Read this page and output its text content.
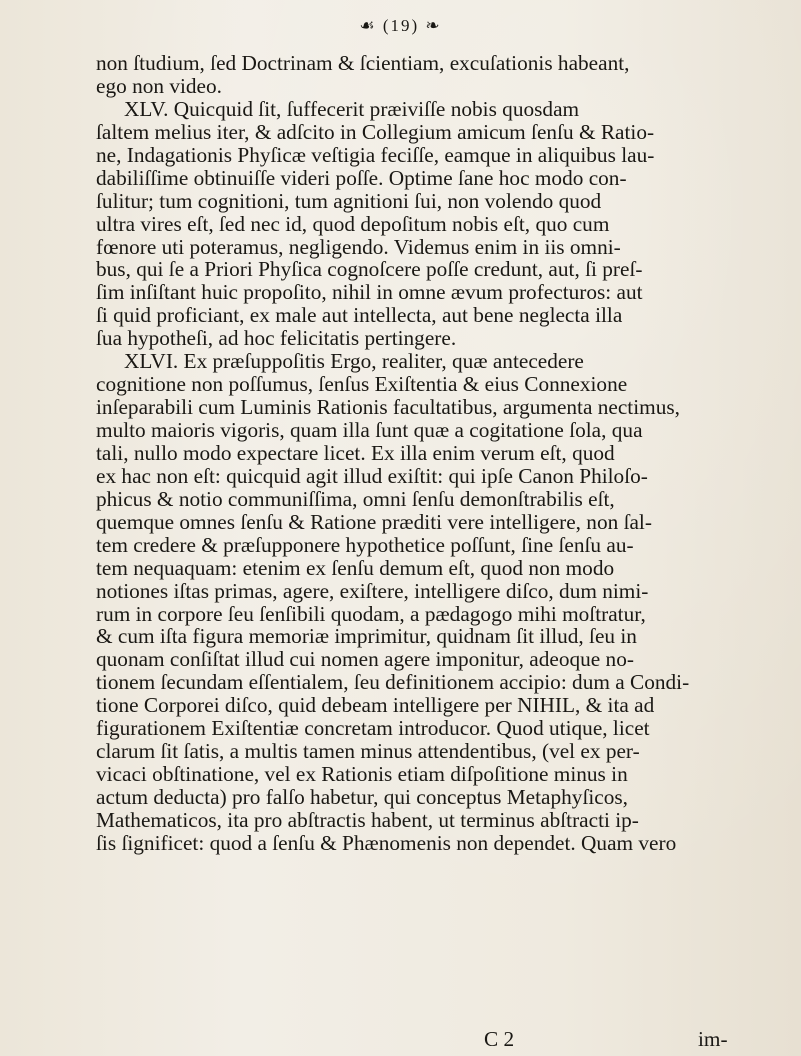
☙ (19) ❧
non ſtudium, ſed Doctrinam & ſcientiam, excuſationis habeant,
ego non video.
XLV. Quicquid ſit, ſuffecerit præiviſſe nobis quosdam
ſaltem melius iter, & adſcito in Collegium amicum ſenſu & Ratio-
ne, Indagationis Phyſicæ veſtigia feciſſe, eamque in aliquibus lau-
dabiliſſime obtinuiſſe videri poſſe. Optime ſane hoc modo con-
ſulitur; tum cognitioni, tum agnitioni ſui, non volendo quod
ultra vires eſt, ſed nec id, quod depoſitum nobis eſt, quo cum
fœnore uti poteramus, negligendo. Videmus enim in iis omni-
bus, qui ſe a Priori Phyſica cognoſcere poſſe credunt, aut, ſi preſ-
ſim inſiſtant huic propoſito, nihil in omne ævum profecturos: aut
ſi quid proficiant, ex male aut intellecta, aut bene neglecta illa
ſua hypotheſi, ad hoc felicitatis pertingere.
XLVI. Ex præſuppoſitis Ergo, realiter, quæ antecedere
cognitione non poſſumus, ſenſus Exiſtentia & eius Connexione
inſeparabili cum Luminis Rationis facultatibus, argumenta nectimus,
multo maioris vigoris, quam illa ſunt quæ a cogitatione ſola, qua
tali, nullo modo expectare licet. Ex illa enim verum eſt, quod
ex hac non eſt: quicquid agit illud exiſtit: qui ipſe Canon Philoſo-
phicus & notio communiſſima, omni ſenſu demonſtrabilis eſt,
quemque omnes ſenſu & Ratione præditi vere intelligere, non ſal-
tem credere & præſupponere hypothetice poſſunt, ſine ſenſu au-
tem nequaquam: etenim ex ſenſu demum eſt, quod non modo
notiones iſtas primas, agere, exiſtere, intelligere diſco, dum nimi-
rum in corpore ſeu ſenſibili quodam, a pædagogo mihi moſtratur,
& cum iſta figura memoriæ imprimitur, quidnam ſit illud, ſeu in
quonam conſiſtat illud cui nomen agere imponitur, adeoque no-
tionem ſecundam eſſentialem, ſeu definitionem accipio: dum a Condi-
tione Corporei diſco, quid debeam intelligere per NIHIL, & ita ad
figurationem Exiſtentiæ concretam introducor. Quod utique, licet
clarum ſit ſatis, a multis tamen minus attendentibus, (vel ex per-
vicaci obſtinatione, vel ex Rationis etiam diſpoſitione minus in
actum deducta) pro falſo habetur, qui conceptus Metaphyſicos,
Mathematicos, ita pro abſtractis habent, ut terminus abſtracti ip-
ſis ſignificet: quod a ſenſu & Phænomenis non dependet. Quam vero
C 2	im-
